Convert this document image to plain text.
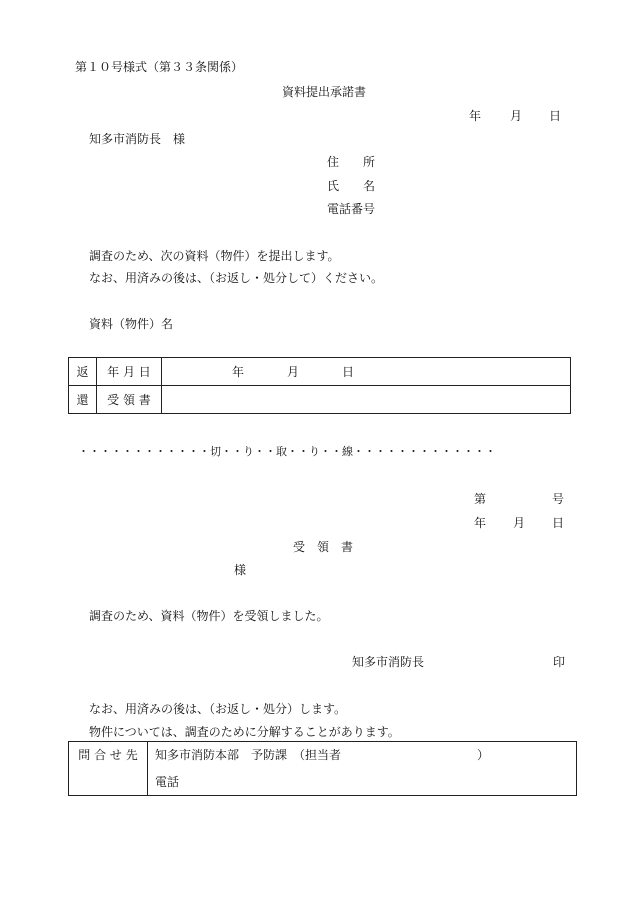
第１０号様式（第３３条関係）
資料提出承諾書
年 月 日
知多市消防長　様
住　　所
氏　　名
電話番号
調査のため、次の資料（物件）を提出します。
なお、用済みの後は、（お返し・処分して）ください。
資料（物件）名
返	年 月 日	年 月 日
還	受 領 書	
・・・・・・・・・・・・切・・り・・取・・り・・線・・・・・・・・・・・・・
第	号
年 月 日
受　領　書
様
調査のため、資料（物件）を受領しました。
知多市消防長	印
なお、用済みの後は、（お返し・処分）します。
物件については、調査のために分解することがあります。
問 合 せ 先	知多市消防本部　予防課　（担当者	）
電話
